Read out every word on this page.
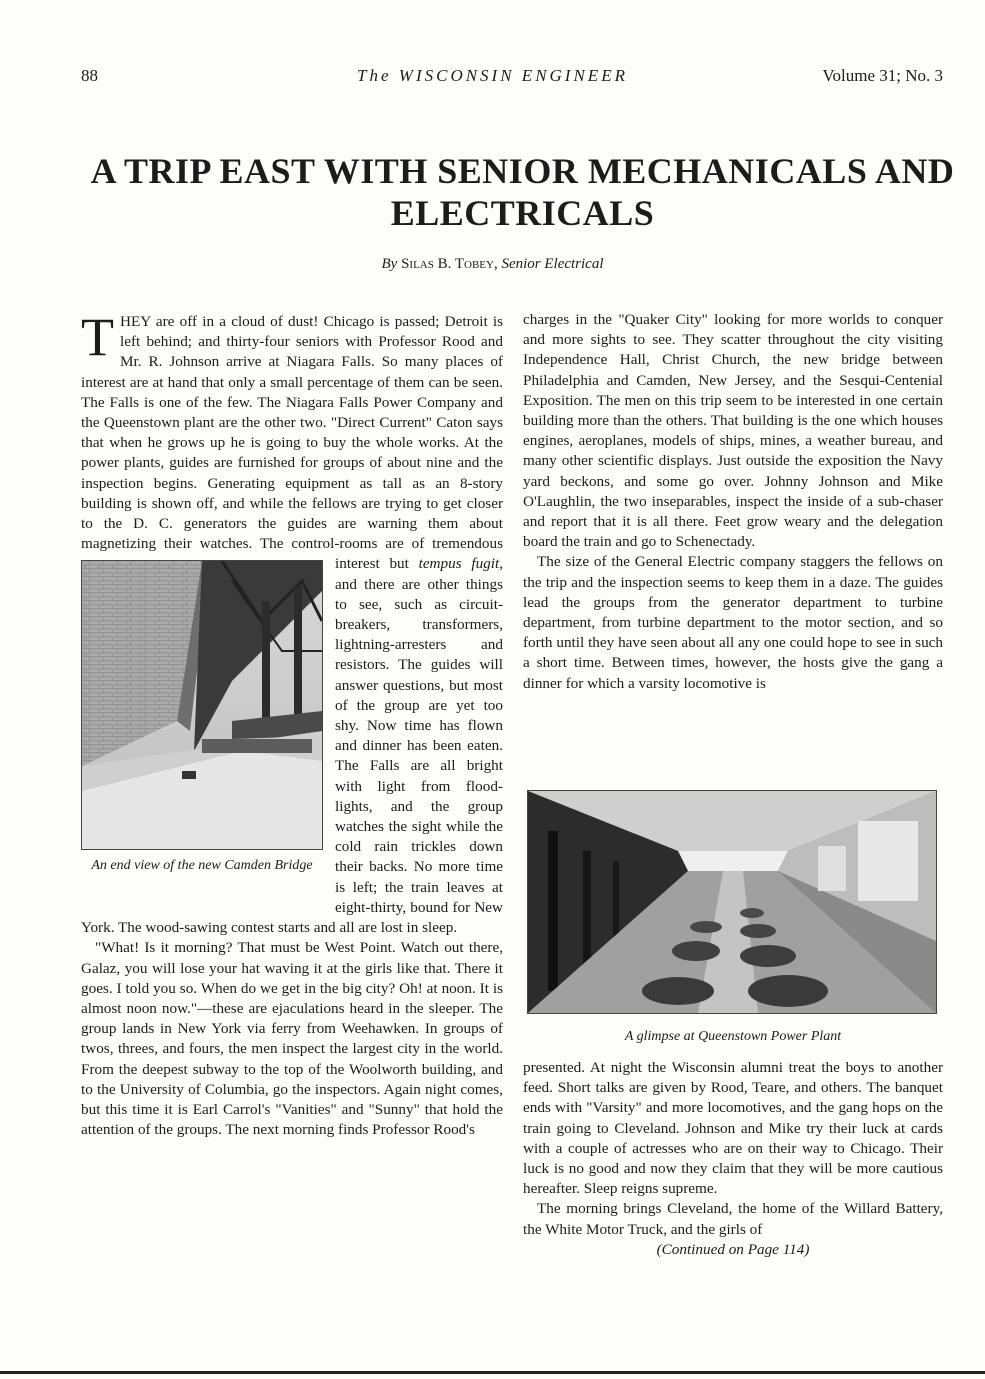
88	The WISCONSIN ENGINEER	Volume 31; No. 3
A TRIP EAST WITH SENIOR MECHANICALS AND ELECTRICALS
By Silas B. Tobey, Senior Electrical

THEY are off in a cloud of dust! Chicago is passed; Detroit is left behind; and thirty-four seniors with Professor Rood and Mr. R. Johnson arrive at Niagara Falls. So many places of interest are at hand that only a small percentage of them can be seen. The Falls is one of the few. The Niagara Falls Power Company and the Queenstown plant are the other two. "Direct Current" Caton says that when he grows up he is going to buy the whole works. At the power plants, guides are furnished for groups of about nine and the inspection begins. Generating equipment as tall as an 8-story building is shown off, and while the fellows are trying to get closer to the D. C. generators the guides are warning them about magnetizing their watches. The control-rooms are of tremendous interest but
An end view of the new Camden Bridge
tempus fugit, and there are other things to see, such as circuit-breakers, transformers, lightning-arresters and resistors. The guides will answer questions, but most of the group are yet too shy. Now time has flown and dinner has been eaten. The Falls are all bright with light from flood-lights, and the group watches the sight while the cold rain trickles down their backs. No more time is left; the train leaves at eight-thirty, bound for New York. The wood-sawing contest starts and all are lost in sleep.

"What! Is it morning? That must be West Point. Watch out there, Galaz, you will lose your hat waving it at the girls like that. There it goes. I told you so. When do we get in the big city? Oh! at noon. It is almost noon now."—these are ejaculations heard in the sleeper. The group lands in New York via ferry from Weehawken. In groups of twos, threes, and fours, the men inspect the largest city in the world. From the deepest subway to the top of the Woolworth building, and to the University of Columbia, go the inspectors. Again night comes, but this time it is Earl Carrol's "Vanities" and "Sunny" that hold the attention of the groups. The next morning finds Professor Rood's

charges in the "Quaker City" looking for more worlds to conquer and more sights to see. They scatter throughout the city visiting Independence Hall, Christ Church, the new bridge between Philadelphia and Camden, New Jersey, and the Sesqui-Centenial Exposition. The men on this trip seem to be interested in one certain building more than the others. That building is the one which houses engines, aeroplanes, models of ships, mines, a weather bureau, and many other scientific displays. Just outside the exposition the Navy yard beckons, and some go over. Johnny Johnson and Mike O'Laughlin, the two inseparables, inspect the inside of a sub-chaser and report that it is all there. Feet grow weary and the delegation board the train and go to Schenectady.

The size of the General Electric company staggers the fellows on the trip and the inspection seems to keep them in a daze. The guides lead the groups from the generator department to turbine department, from turbine department to the motor section, and so forth until they have seen about all any one could hope to see in such a short time. Between times, however, the hosts give the gang a dinner for which a varsity locomotive is

A glimpse at Queenstown Power Plant

presented. At night the Wisconsin alumni treat the boys to another feed. Short talks are given by Rood, Teare, and others. The banquet ends with "Varsity" and more locomotives, and the gang hops on the train going to Cleveland. Johnson and Mike try their luck at cards with a couple of actresses who are on their way to Chicago. Their luck is no good and now they claim that they will be more cautious hereafter. Sleep reigns supreme.

The morning brings Cleveland, the home of the Willard Battery, the White Motor Truck, and the girls of

(Continued on Page 114)
